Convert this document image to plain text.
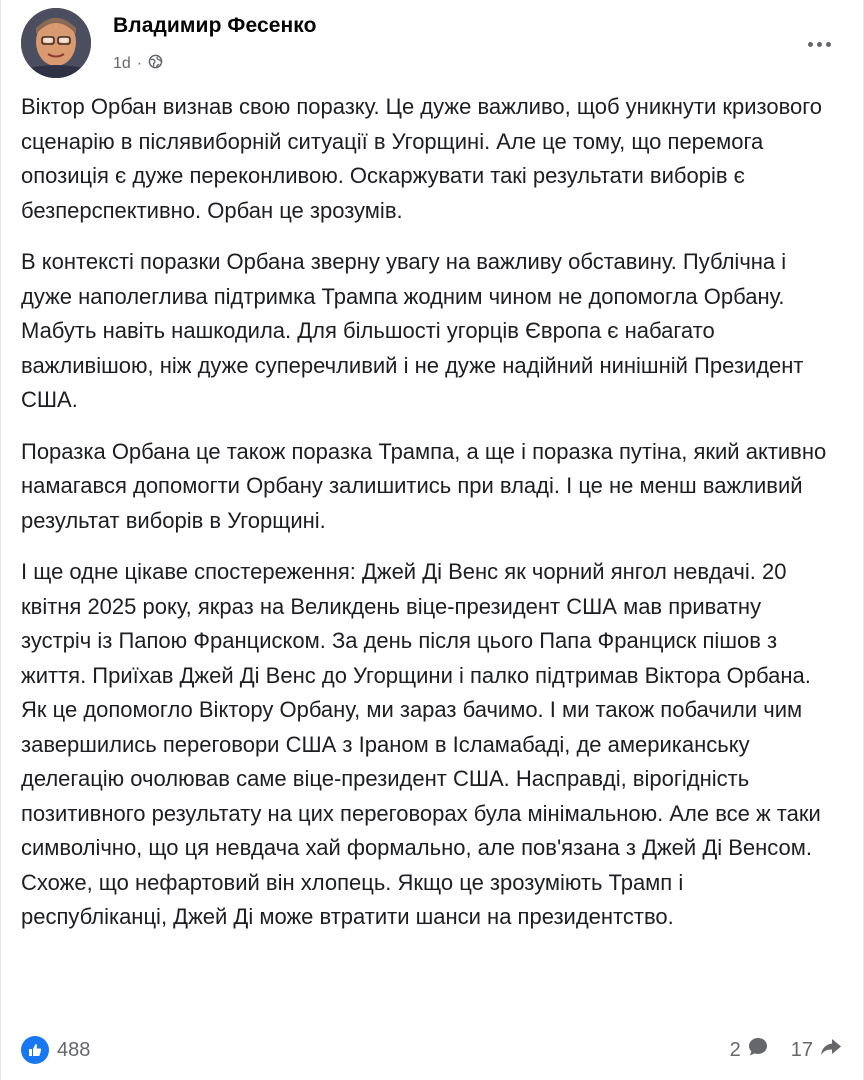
Владимир Фесенко
1d ·

Віктор Орбан визнав свою поразку. Це дуже важливо, щоб уникнути кризового сценарію в післявиборній ситуації в Угорщині. Але це тому, що перемога опозиція є дуже переконливою. Оскаржувати такі результати виборів є безперспективно. Орбан це зрозумів.

В контексті поразки Орбана зверну увагу на важливу обставину. Публічна і дуже наполеглива підтримка Трампа жодним чином не допомогла Орбану. Мабуть навіть нашкодила. Для більшості угорців Європа є набагато важливішою, ніж дуже суперечливий і не дуже надійний нинішній Президент США.

Поразка Орбана це також поразка Трампа, а ще і поразка путіна, який активно намагався допомогти Орбану залишитись при владі. І це не менш важливий результат виборів в Угорщині.

І ще одне цікаве спостереження: Джей Ді Венс як чорний янгол невдачі. 20 квітня 2025 року, якраз на Великдень віце-президент США мав приватну зустріч із Папою Франциском. За день після цього Папа Франциск пішов з життя. Приїхав Джей Ді Венс до Угорщини і палко підтримав Віктора Орбана. Як це допомогло Віктору Орбану, ми зараз бачимо. І ми також побачили чим завершились переговори США з Іраном в Ісламабаді, де американську делегацію очолював саме віце-президент США. Насправді, вірогідність позитивного результату на цих переговорах була мінімальною. Але все ж таки символічно, що ця невдача хай формально, але пов'язана з Джей Ді Венсом. Схоже, що нефартовий він хлопець. Якщо це зрозуміють Трамп і республіканці, Джей Ді може втратити шанси на президентство.

488	2	17
